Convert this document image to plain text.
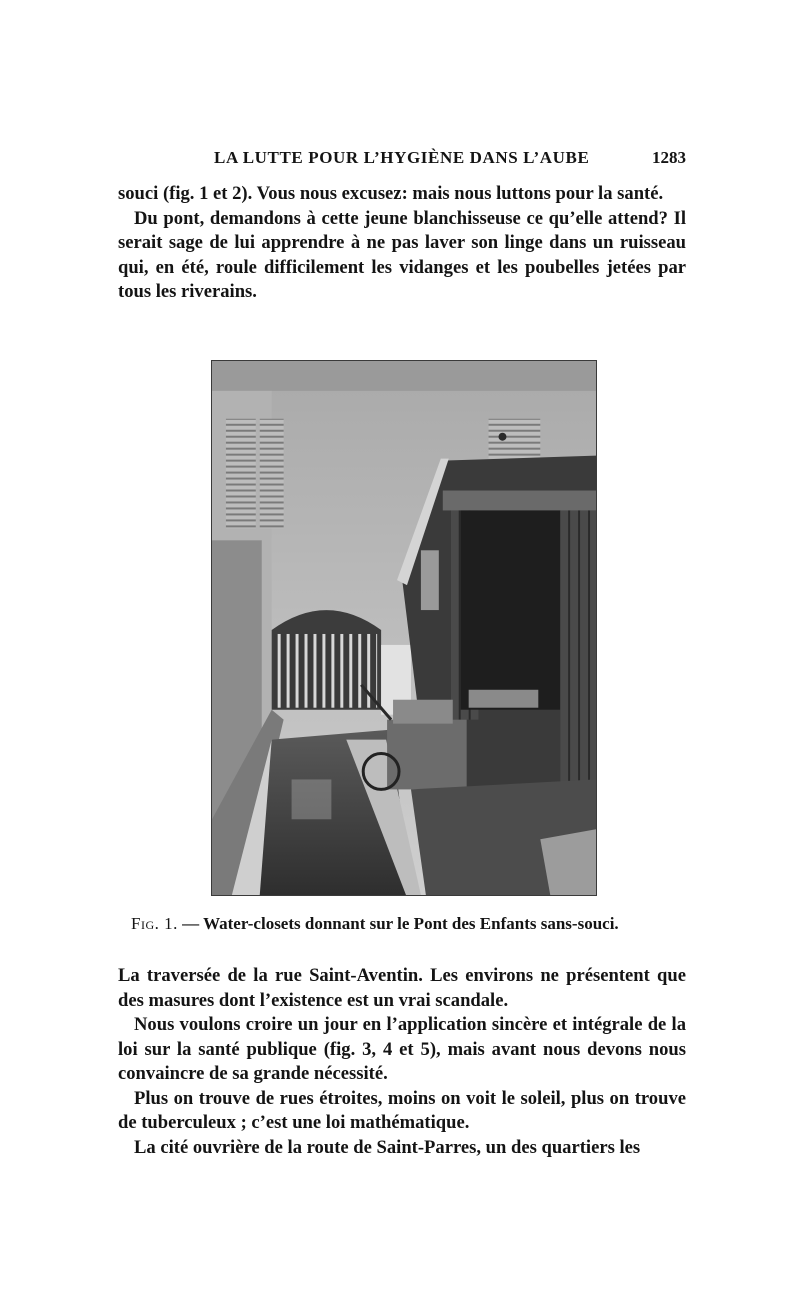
LA LUTTE POUR L’HYGIÈNE DANS L’AUBE	1283

souci (fig. 1 et 2). Vous nous excusez: mais nous luttons pour la santé.

Du pont, demandons à cette jeune blanchisseuse ce qu’elle attend? Il serait sage de lui apprendre à ne pas laver son linge dans un ruisseau qui, en été, roule difficilement les vidanges et les poubelles jetées par tous les riverains.

Fig. 1. — Water-closets donnant sur le Pont des Enfants sans-souci.

La traversée de la rue Saint-Aventin. Les environs ne présentent que des masures dont l’existence est un vrai scandale.

Nous voulons croire un jour en l’application sincère et intégrale de la loi sur la santé publique (fig. 3, 4 et 5), mais avant nous devons nous convaincre de sa grande nécessité.

Plus on trouve de rues étroites, moins on voit le soleil, plus on trouve de tuberculeux ; c’est une loi mathématique.

La cité ouvrière de la route de Saint-Parres, un des quartiers les
